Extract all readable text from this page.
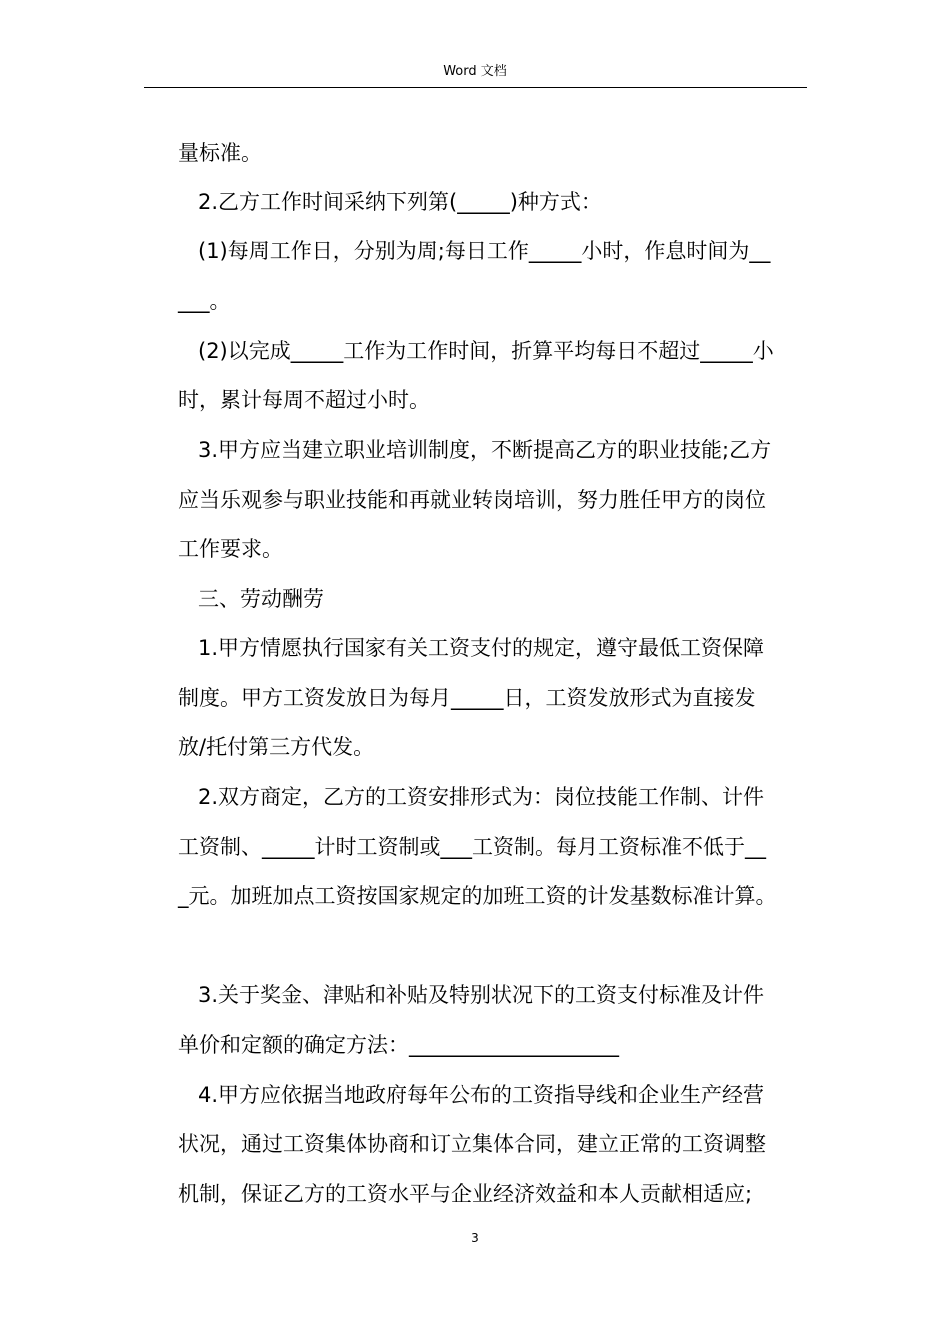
Word 文档

量标准。

2.乙方工作时间采纳下列第(_____)种方式：

(1)每周工作日，分别为周;每日工作_____小时，作息时间为__

___。

(2)以完成_____工作为工作时间，折算平均每日不超过_____小

时，累计每周不超过小时。

3.甲方应当建立职业培训制度，不断提高乙方的职业技能;乙方

应当乐观参与职业技能和再就业转岗培训，努力胜任甲方的岗位

工作要求。

三、劳动酬劳

1.甲方情愿执行国家有关工资支付的规定，遵守最低工资保障

制度。甲方工资发放日为每月_____日，工资发放形式为直接发

放/托付第三方代发。

2.双方商定，乙方的工资安排形式为：岗位技能工作制、计件

工资制、_____计时工资制或___工资制。每月工资标准不低于__

_元。加班加点工资按国家规定的加班工资的计发基数标准计算。

3.关于奖金、津贴和补贴及特别状况下的工资支付标准及计件

单价和定额的确定方法：____________________

4.甲方应依据当地政府每年公布的工资指导线和企业生产经营

状况，通过工资集体协商和订立集体合同，建立正常的工资调整

机制，保证乙方的工资水平与企业经济效益和本人贡献相适应;

3
